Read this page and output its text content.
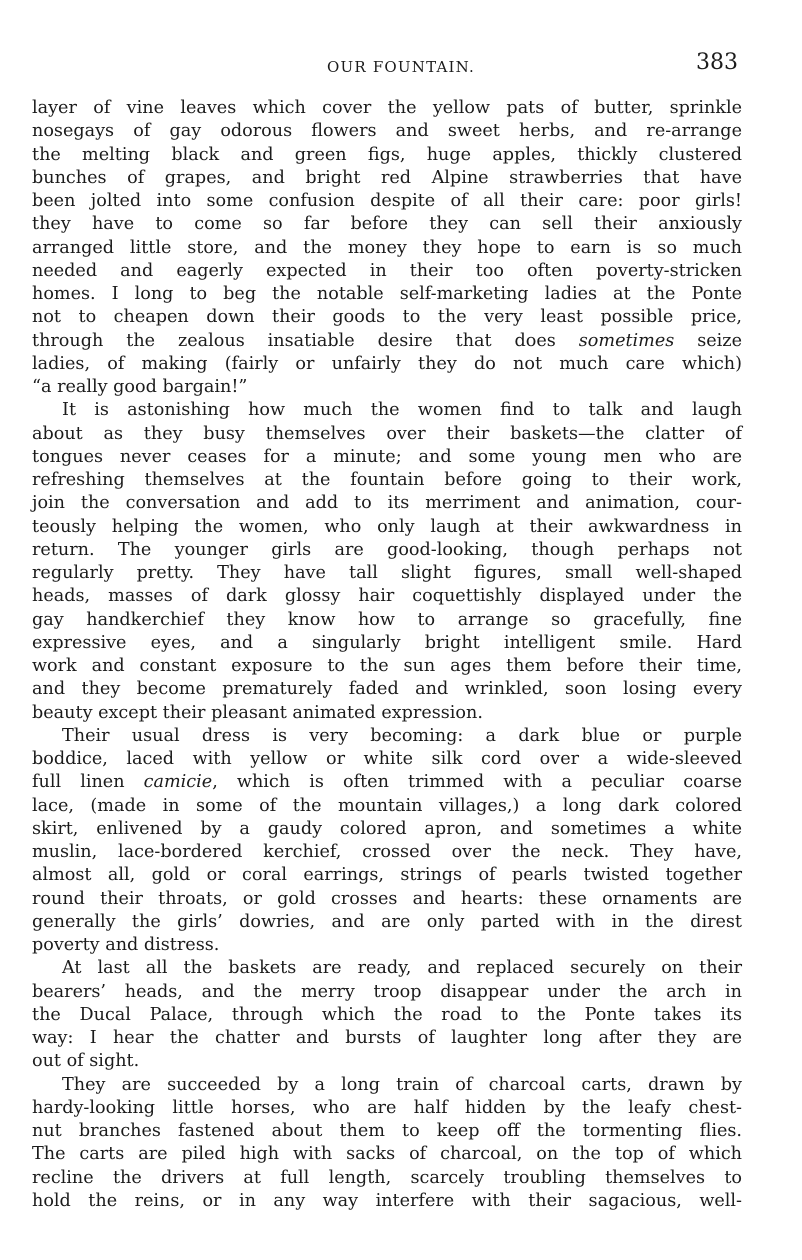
OUR FOUNTAIN.	383
layer of vine leaves which cover the yellow pats of butter, sprinkle
nosegays of gay odorous flowers and sweet herbs, and re-arrange
the melting black and green figs, huge apples, thickly clustered
bunches of grapes, and bright red Alpine strawberries that have
been jolted into some confusion despite of all their care: poor girls!
they have to come so far before they can sell their anxiously
arranged little store, and the money they hope to earn is so much
needed and eagerly expected in their too often poverty-stricken
homes. I long to beg the notable self-marketing ladies at the Ponte
not to cheapen down their goods to the very least possible price,
through the zealous insatiable desire that does sometimes seize
ladies, of making (fairly or unfairly they do not much care which)
“a really good bargain!”
It is astonishing how much the women find to talk and laugh
about as they busy themselves over their baskets—the clatter of
tongues never ceases for a minute; and some young men who are
refreshing themselves at the fountain before going to their work,
join the conversation and add to its merriment and animation, cour-
teously helping the women, who only laugh at their awkwardness in
return. The younger girls are good-looking, though perhaps not
regularly pretty. They have tall slight figures, small well-shaped
heads, masses of dark glossy hair coquettishly displayed under the
gay handkerchief they know how to arrange so gracefully, fine
expressive eyes, and a singularly bright intelligent smile. Hard
work and constant exposure to the sun ages them before their time,
and they become prematurely faded and wrinkled, soon losing every
beauty except their pleasant animated expression.
Their usual dress is very becoming: a dark blue or purple
boddice, laced with yellow or white silk cord over a wide-sleeved
full linen camicie, which is often trimmed with a peculiar coarse
lace, (made in some of the mountain villages,) a long dark colored
skirt, enlivened by a gaudy colored apron, and sometimes a white
muslin, lace-bordered kerchief, crossed over the neck. They have,
almost all, gold or coral earrings, strings of pearls twisted together
round their throats, or gold crosses and hearts: these ornaments are
generally the girls’ dowries, and are only parted with in the direst
poverty and distress.
At last all the baskets are ready, and replaced securely on their
bearers’ heads, and the merry troop disappear under the arch in
the Ducal Palace, through which the road to the Ponte takes its
way: I hear the chatter and bursts of laughter long after they are
out of sight.
They are succeeded by a long train of charcoal carts, drawn by
hardy-looking little horses, who are half hidden by the leafy chest-
nut branches fastened about them to keep off the tormenting flies.
The carts are piled high with sacks of charcoal, on the top of which
recline the drivers at full length, scarcely troubling themselves to
hold the reins, or in any way interfere with their sagacious, well-
